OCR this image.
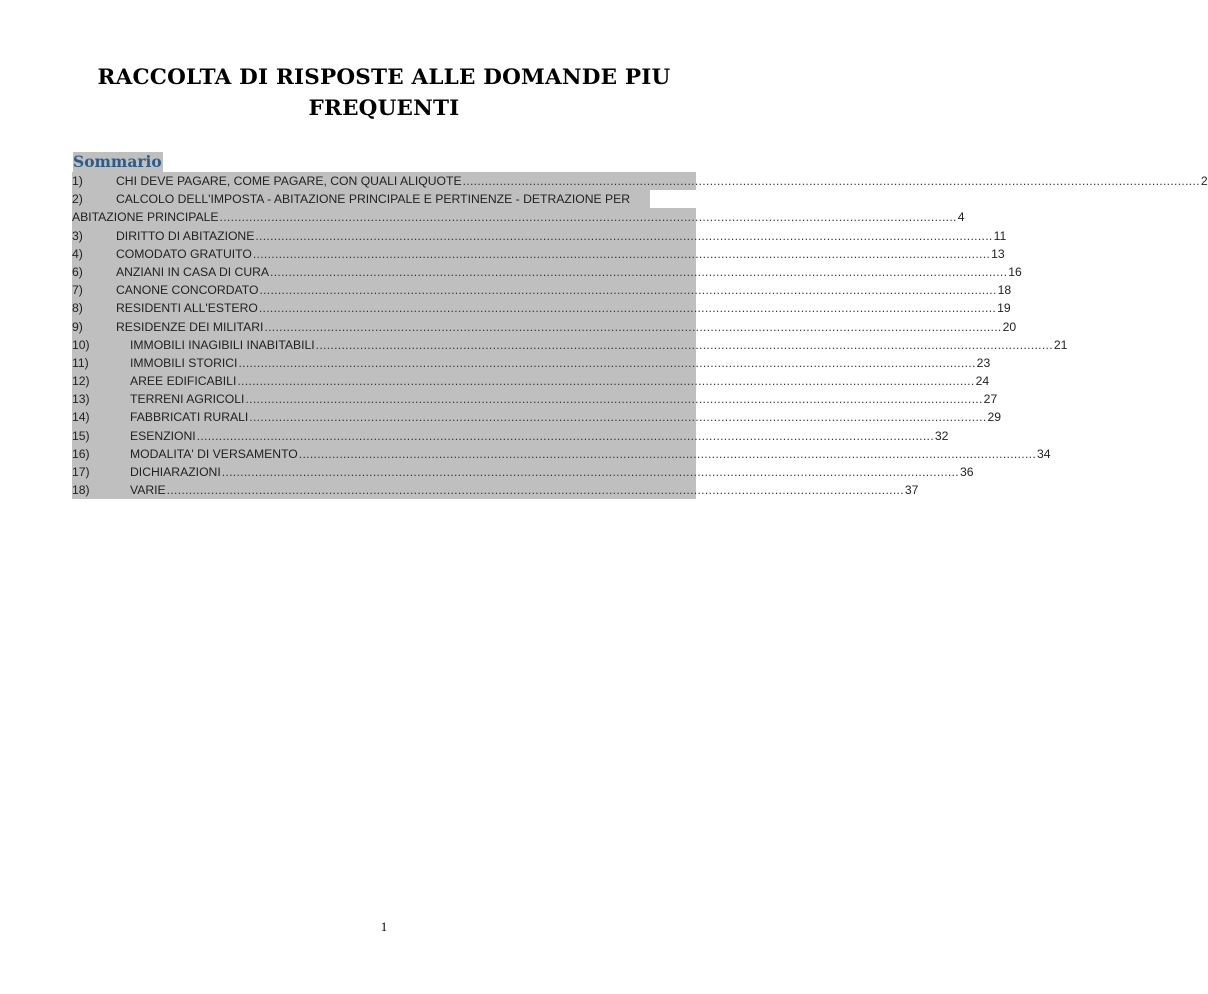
RACCOLTA DI RISPOSTE ALLE DOMANDE PIU
FREQUENTI
Sommario
1)	CHI DEVE PAGARE, COME PAGARE, CON QUALI ALIQUOTE ........................................................................................................................................................................................................ 2
2)	CALCOLO DELL'IMPOSTA - ABITAZIONE PRINCIPALE E PERTINENZE - DETRAZIONE PER
ABITAZIONE PRINCIPALE ........................................................................................................................................................................................................ 4
3)	DIRITTO DI ABITAZIONE ........................................................................................................................................................................................................ 11
4)	COMODATO GRATUITO ........................................................................................................................................................................................................ 13
6)	ANZIANI IN CASA DI CURA ........................................................................................................................................................................................................ 16
7)	CANONE CONCORDATO ........................................................................................................................................................................................................ 18
8)	RESIDENTI ALL'ESTERO ........................................................................................................................................................................................................ 19
9)	RESIDENZE DEI MILITARI ........................................................................................................................................................................................................ 20
10)	IMMOBILI INAGIBILI INABITABILI ........................................................................................................................................................................................................ 21
11)	IMMOBILI STORICI ........................................................................................................................................................................................................ 23
12)	AREE EDIFICABILI ........................................................................................................................................................................................................ 24
13)	TERRENI AGRICOLI ........................................................................................................................................................................................................ 27
14)	FABBRICATI RURALI ........................................................................................................................................................................................................ 29
15)	ESENZIONI ........................................................................................................................................................................................................ 32
16)	MODALITA' DI VERSAMENTO ........................................................................................................................................................................................................ 34
17)	DICHIARAZIONI ........................................................................................................................................................................................................ 36
18)	VARIE ........................................................................................................................................................................................................ 37
1
